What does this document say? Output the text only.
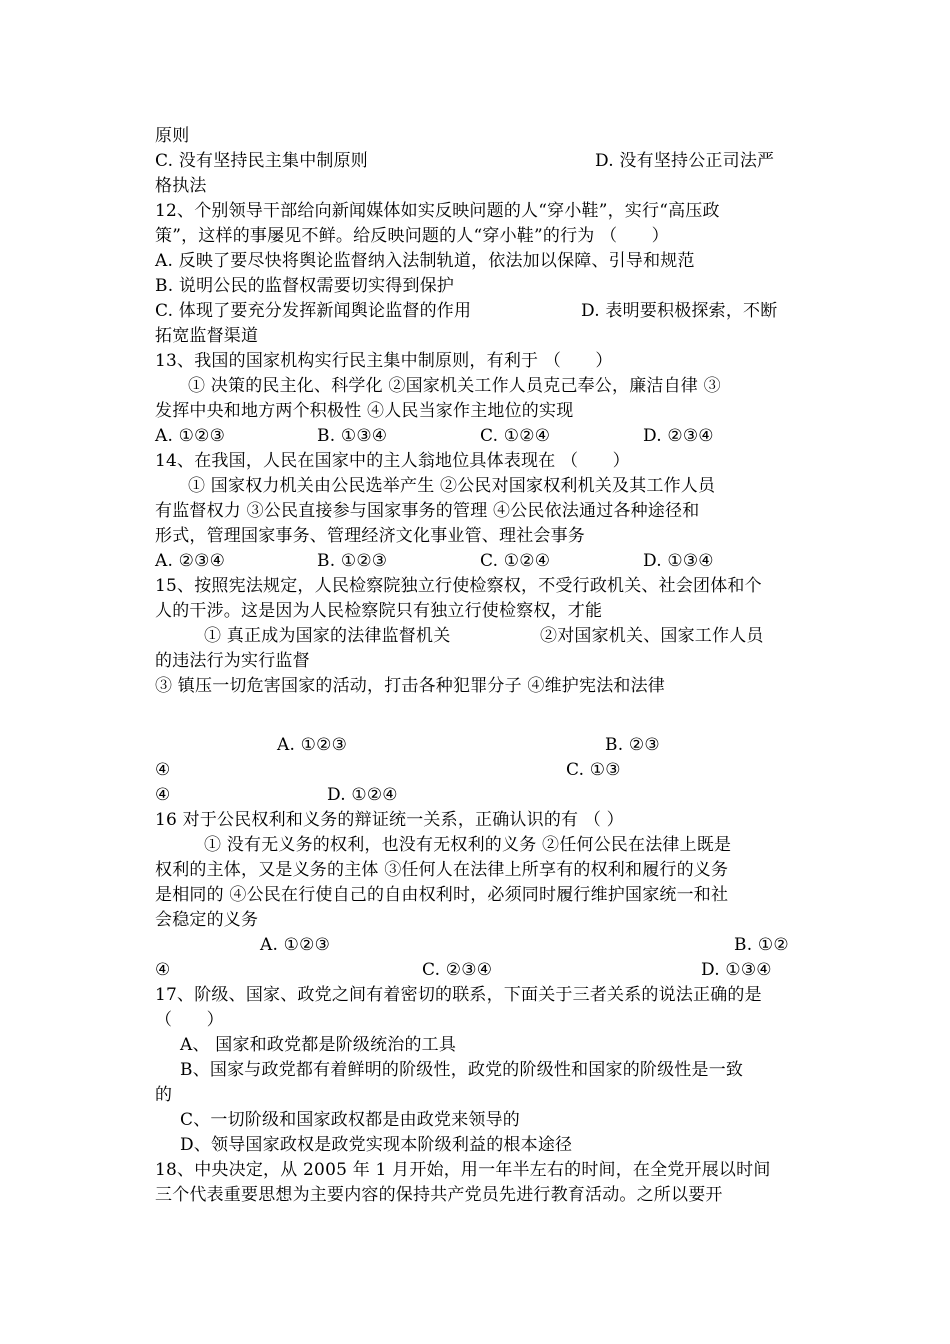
原则
C. 没有坚持民主集中制原则	D. 没有坚持公正司法严
格执法
12、个别领导干部给向新闻媒体如实反映问题的人“穿小鞋”，实行“高压政
策”，这样的事屡见不鲜。给反映问题的人“穿小鞋”的行为 （　　）
A. 反映了要尽快将舆论监督纳入法制轨道，依法加以保障、引导和规范
B. 说明公民的监督权需要切实得到保护
C. 体现了要充分发挥新闻舆论监督的作用	D. 表明要积极探索，不断
拓宽监督渠道
13、我国的国家机构实行民主集中制原则，有利于 （　　）
① 决策的民主化、科学化 ②国家机关工作人员克己奉公，廉洁自律 ③
发挥中央和地方两个积极性 ④人民当家作主地位的实现
A. ①②③	B. ①③④	C. ①②④	D. ②③④
14、在我国，人民在国家中的主人翁地位具体表现在 （　　）
① 国家权力机关由公民选举产生 ②公民对国家权利机关及其工作人员
有监督权力 ③公民直接参与国家事务的管理 ④公民依法通过各种途径和
形式，管理国家事务、管理经济文化事业管、理社会事务
A. ②③④	B. ①②③	C. ①②④	D. ①③④
15、按照宪法规定，人民检察院独立行使检察权，不受行政机关、社会团体和个
人的干涉。这是因为人民检察院只有独立行使检察权，才能
① 真正成为国家的法律监督机关	②对国家机关、国家工作人员
的违法行为实行监督
③ 镇压一切危害国家的活动，打击各种犯罪分子 ④维护宪法和法律
A. ①②③	B. ②③
④	C. ①③
④	D. ①②④
16 对于公民权利和义务的辩证统一关系，正确认识的有 （ ）
① 没有无义务的权利，也没有无权利的义务 ②任何公民在法律上既是
权利的主体，又是义务的主体 ③任何人在法律上所享有的权利和履行的义务
是相同的 ④公民在行使自己的自由权利时，必须同时履行维护国家统一和社
会稳定的义务
A. ①②③	B. ①②
④	C. ②③④	D. ①③④
17、阶级、国家、政党之间有着密切的联系，下面关于三者关系的说法正确的是
（　　）
A、 国家和政党都是阶级统治的工具
B、国家与政党都有着鲜明的阶级性，政党的阶级性和国家的阶级性是一致
的
C、一切阶级和国家政权都是由政党来领导的
D、领导国家政权是政党实现本阶级利益的根本途径
18、中央决定，从 2005 年 1 月开始，用一年半左右的时间，在全党开展以时间
三个代表重要思想为主要内容的保持共产党员先进行教育活动。之所以要开
